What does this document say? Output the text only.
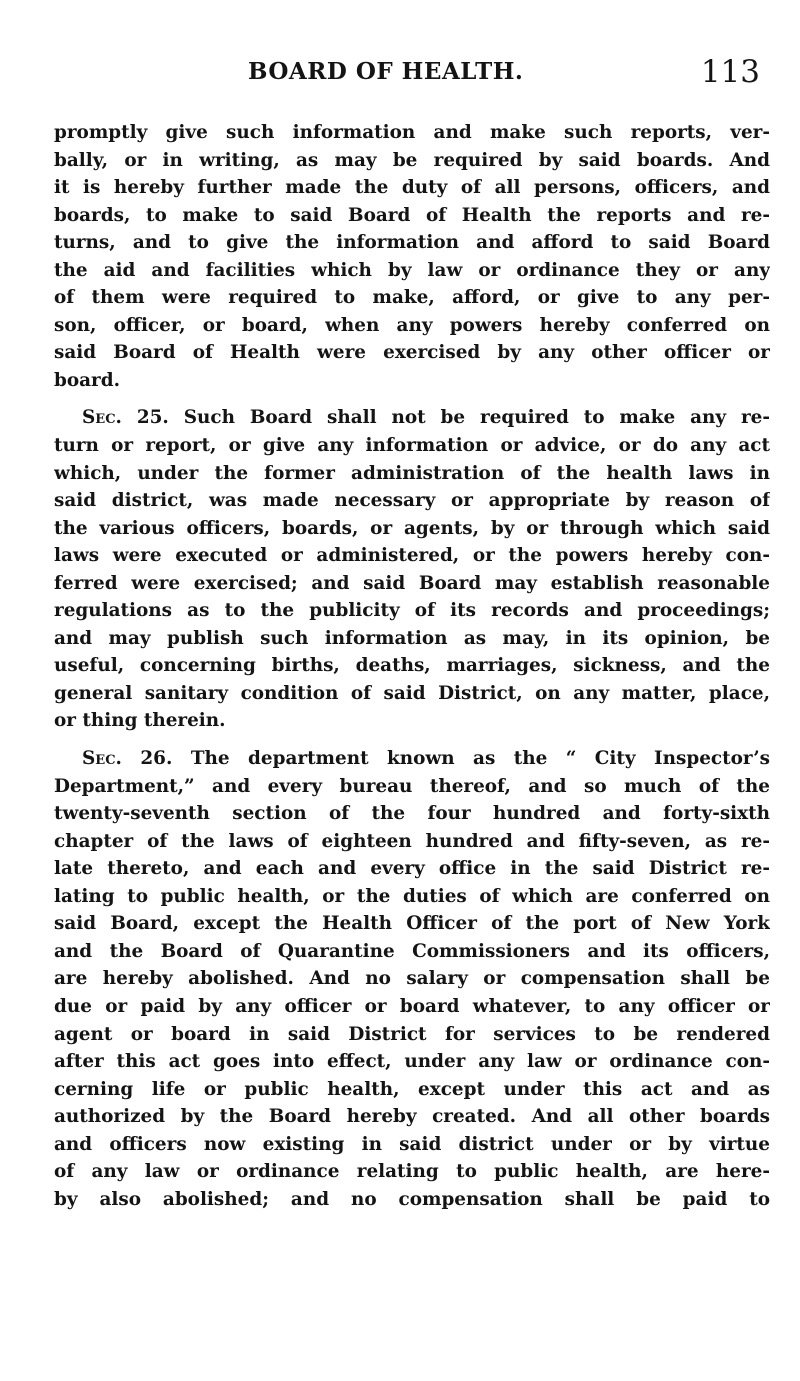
BOARD OF HEALTH.	113
promptly give such information and make such reports, ver-
bally, or in writing, as may be required by said boards. And
it is hereby further made the duty of all persons, officers, and
boards, to make to said Board of Health the reports and re-
turns, and to give the information and afford to said Board
the aid and facilities which by law or ordinance they or any
of them were required to make, afford, or give to any per-
son, officer, or board, when any powers hereby conferred on
said Board of Health were exercised by any other officer or
board.
Sec. 25. Such Board shall not be required to make any re-
turn or report, or give any information or advice, or do any act
which, under the former administration of the health laws in
said district, was made necessary or appropriate by reason of
the various officers, boards, or agents, by or through which said
laws were executed or administered, or the powers hereby con-
ferred were exercised; and said Board may establish reasonable
regulations as to the publicity of its records and proceedings;
and may publish such information as may, in its opinion, be
useful, concerning births, deaths, marriages, sickness, and the
general sanitary condition of said District, on any matter, place,
or thing therein.
Sec. 26. The department known as the “ City Inspector’s
Department,” and every bureau thereof, and so much of the
twenty-seventh section of the four hundred and forty-sixth
chapter of the laws of eighteen hundred and fifty-seven, as re-
late thereto, and each and every office in the said District re-
lating to public health, or the duties of which are conferred on
said Board, except the Health Officer of the port of New York
and the Board of Quarantine Commissioners and its officers,
are hereby abolished. And no salary or compensation shall be
due or paid by any officer or board whatever, to any officer or
agent or board in said District for services to be rendered
after this act goes into effect, under any law or ordinance con-
cerning life or public health, except under this act and as
authorized by the Board hereby created. And all other boards
and officers now existing in said district under or by virtue
of any law or ordinance relating to public health, are here-
by also abolished; and no compensation shall be paid to
